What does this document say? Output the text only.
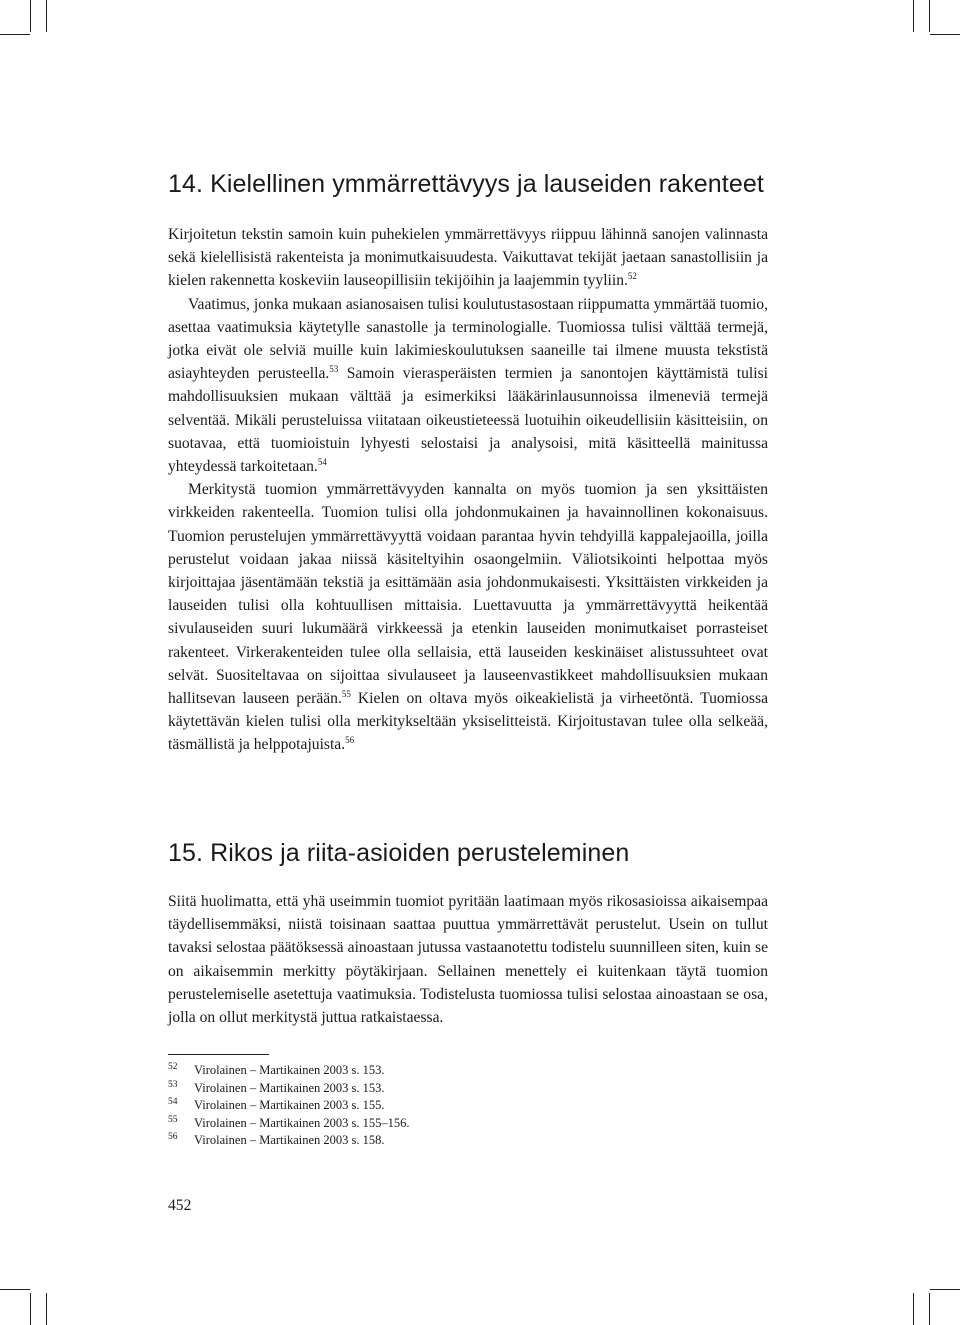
14. Kielellinen ymmärrettävyys ja lauseiden rakenteet

Kirjoitetun tekstin samoin kuin puhekielen ymmärrettävyys riippuu lähinnä sanojen valinnasta sekä kielellisistä rakenteista ja monimutkaisuudesta. Vaikuttavat tekijät jaetaan sanastollisiin ja kielen rakennetta koskeviin lauseopillisiin tekijöihin ja laajemmin tyyliin.$^{52}$

Vaatimus, jonka mukaan asianosaisen tulisi koulutustasostaan riippumatta ymmärtää tuomio, asettaa vaatimuksia käytetylle sanastolle ja terminologialle. Tuomiossa tulisi välttää termejä, jotka eivät ole selviä muille kuin lakimieskoulutuksen saaneille tai ilmene muusta tekstistä asiayhteyden perusteella.$^{53}$ Samoin vierasperäisten termien ja sanontojen käyttämistä tulisi mahdollisuuksien mukaan välttää ja esimerkiksi lääkärinlausunnoissa ilmeneviä termejä selventää. Mikäli perusteluissa viitataan oikeustieteessä luotuihin oikeudellisiin käsitteisiin, on suotavaa, että tuomioistuin lyhyesti selostaisi ja analysoisi, mitä käsitteellä mainitussa yhteydessä tarkoitetaan.$^{54}$

Merkitystä tuomion ymmärrettävyyden kannalta on myös tuomion ja sen yksittäisten virkkeiden rakenteella. Tuomion tulisi olla johdonmukainen ja havainnollinen kokonaisuus. Tuomion perustelujen ymmärrettävyyttä voidaan parantaa hyvin tehdyillä kappalejaoilla, joilla perustelut voidaan jakaa niissä käsiteltyihin osaongelmiin. Väliotsikointi helpottaa myös kirjoittajaa jäsentämään tekstiä ja esittämään asia johdonmukaisesti. Yksittäisten virkkeiden ja lauseiden tulisi olla kohtuullisen mittaisia. Luettavuutta ja ymmärrettävyyttä heikentää sivulauseiden suuri lukumäärä virkkeessä ja etenkin lauseiden monimutkaiset porrasteiset rakenteet. Virkerakenteiden tulee olla sellaisia, että lauseiden keskinäiset alistussuhteet ovat selvät. Suositeltavaa on sijoittaa sivulauseet ja lauseenvastikkeet mahdollisuuksien mukaan hallitsevan lauseen perään.$^{55}$ Kielen on oltava myös oikeakielistä ja virheetöntä. Tuomiossa käytettävän kielen tulisi olla merkitykseltään yksiselitteistä. Kirjoitustavan tulee olla selkeää, täsmällistä ja helppotajuista.$^{56}$

15. Rikos ja riita-asioiden perusteleminen

Siitä huolimatta, että yhä useimmin tuomiot pyritään laatimaan myös rikosasioissa aikaisempaa täydellisemmäksi, niistä toisinaan saattaa puuttua ymmärrettävät perustelut. Usein on tullut tavaksi selostaa päätöksessä ainoastaan jutussa vastaanotettu todistelu suunnilleen siten, kuin se on aikaisemmin merkitty pöytäkirjaan. Sellainen menettely ei kuitenkaan täytä tuomion perustelemiselle asetettuja vaatimuksia. Todistelusta tuomiossa tulisi selostaa ainoastaan se osa, jolla on ollut merkitystä juttua ratkaistaessa.

52 Virolainen – Martikainen 2003 s. 153.
53 Virolainen – Martikainen 2003 s. 153.
54 Virolainen – Martikainen 2003 s. 155.
55 Virolainen – Martikainen 2003 s. 155–156.
56 Virolainen – Martikainen 2003 s. 158.
452
